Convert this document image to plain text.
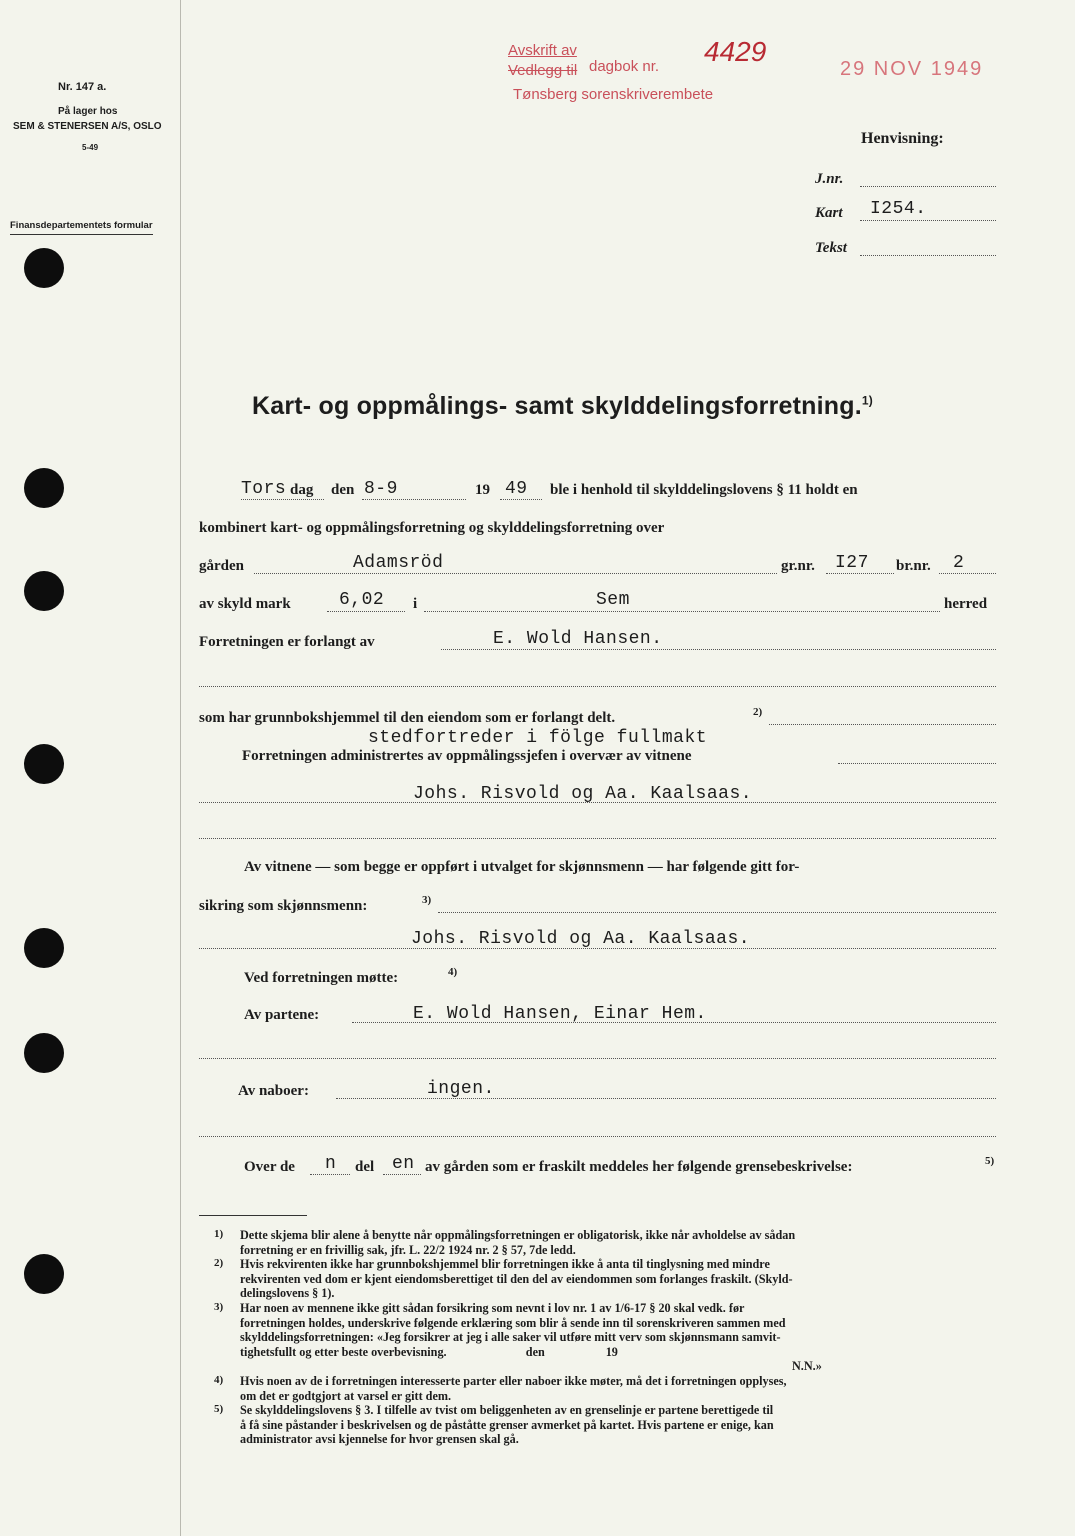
Nr. 147 a.
På lager hos
SEM & STENERSEN A/S, OSLO
5-49
Finansdepartementets formular
Avskrift av
dagbok nr.
Vedlegg til
Tønsberg sorenskriverembete
4429
29 NOV 1949
Henvisning:
J.nr.
Kart I254.
Tekst
Kart- og oppmålings- samt skylddelingsforretning.$^{1)}$
Tors dag den 8-9	19 49 ble i henhold til skylddelingslovens § 11 holdt en
kombinert kart- og oppmålingsforretning og skylddelingsforretning over
gården	Adamsröd	gr.nr. I27 br.nr. 2
av skyld mark	6,02 i	Sem	herred
Forretningen er forlangt av	E. Wold Hansen.
som har grunnbokshjemmel til den eiendom som er forlangt delt.	2)
stedfortreder i fölge fullmakt
Forretningen administrertes av oppmålingssjefen i overvær av vitnene
Johs. Risvold og Aa. Kaalsaas.
Av vitnene — som begge er oppført i utvalget for skjønnsmenn — har følgende gitt for-
sikring som skjønnsmenn:	3)
Johs. Risvold og Aa. Kaalsaas.
Ved forretningen møtte:	4)
Av partene:	E. Wold Hansen, Einar Hem.
Av naboer:	ingen.
Over de n del en av gården som er fraskilt meddeles her følgende grensebeskrivelse:	5)
1) Dette skjema blir alene å benytte når oppmålingsforretningen er obligatorisk, ikke når avholdelse av sådan
forretning er en frivillig sak, jfr. L. 22/2 1924 nr. 2 § 57, 7de ledd.
2) Hvis rekvirenten ikke har grunnbokshjemmel blir forretningen ikke å anta til tinglysning med mindre
rekvirenten ved dom er kjent eiendomsberettiget til den del av eiendommen som forlanges fraskilt. (Skyld-
delingslovens § 1).
3) Har noen av mennene ikke gitt sådan forsikring som nevnt i lov nr. 1 av 1/6-17 § 20 skal vedk. før
forretningen holdes, underskrive følgende erklæring som blir å sende inn til sorenskriveren sammen med
skylddelingsforretningen: «Jeg forsikrer at jeg i alle saker vil utføre mitt verv som skjønnsmann samvit-
tighetsfullt og etter beste overbevisning.                          den                    19
N.N.»
4) Hvis noen av de i forretningen interesserte parter eller naboer ikke møter, må det i forretningen opplyses,
om det er godtgjort at varsel er gitt dem.
5) Se skylddelingslovens § 3. I tilfelle av tvist om beliggenheten av en grenselinje er partene berettigede til
å få sine påstander i beskrivelsen og de påståtte grenser avmerket på kartet. Hvis partene er enige, kan
administrator avsi kjennelse for hvor grensen skal gå.
